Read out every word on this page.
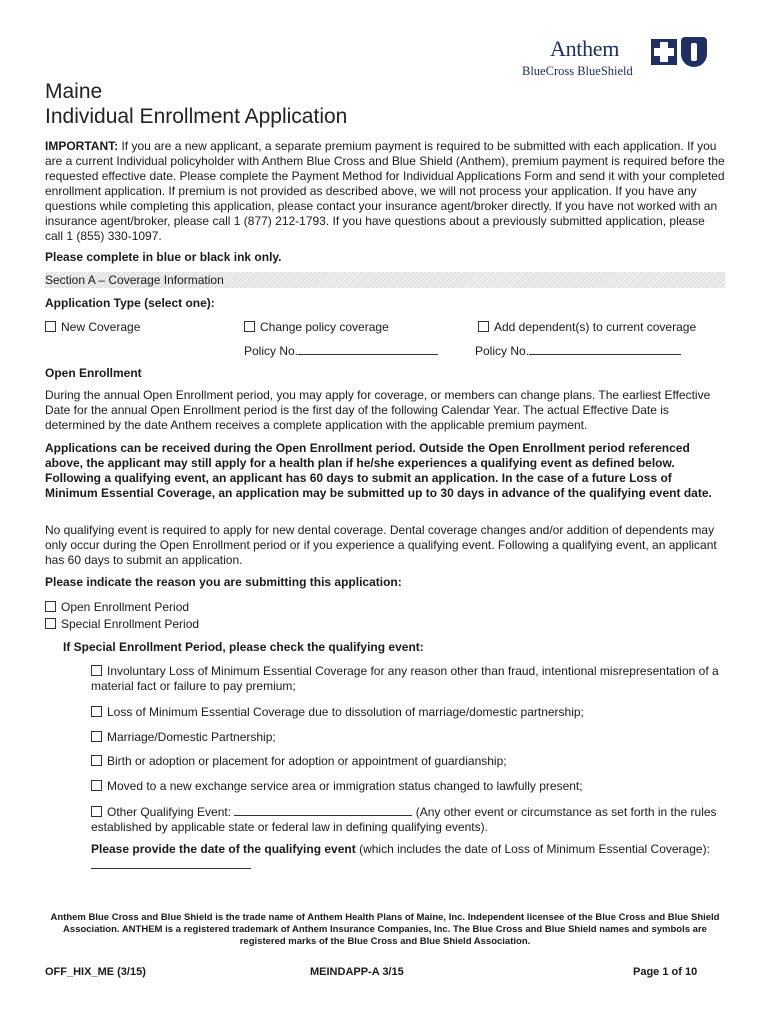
Anthem
BlueCross BlueShield
Maine
Individual Enrollment Application
IMPORTANT: If you are a new applicant, a separate premium payment is required to be submitted with each application. If you are a current Individual policyholder with Anthem Blue Cross and Blue Shield (Anthem), premium payment is required before the requested effective date. Please complete the Payment Method for Individual Applications Form and send it with your completed enrollment application. If premium is not provided as described above, we will not process your application. If you have any questions while completing this application, please contact your insurance agent/broker directly. If you have not worked with an insurance agent/broker, please call 1 (877) 212-1793. If you have questions about a previously submitted application, please call 1 (855) 330-1097.
Please complete in blue or black ink only.
Section A – Coverage Information
Application Type (select one):
New Coverage	Change policy coverage	Add dependent(s) to current coverage
Policy No.	Policy No.
Open Enrollment
During the annual Open Enrollment period, you may apply for coverage, or members can change plans. The earliest Effective Date for the annual Open Enrollment period is the first day of the following Calendar Year. The actual Effective Date is determined by the date Anthem receives a complete application with the applicable premium payment.
Applications can be received during the Open Enrollment period. Outside the Open Enrollment period referenced above, the applicant may still apply for a health plan if he/she experiences a qualifying event as defined below. Following a qualifying event, an applicant has 60 days to submit an application. In the case of a future Loss of Minimum Essential Coverage, an application may be submitted up to 30 days in advance of the qualifying event date.
No qualifying event is required to apply for new dental coverage. Dental coverage changes and/or addition of dependents may only occur during the Open Enrollment period or if you experience a qualifying event. Following a qualifying event, an applicant has 60 days to submit an application.
Please indicate the reason you are submitting this application:
Open Enrollment Period
Special Enrollment Period
If Special Enrollment Period, please check the qualifying event:
Involuntary Loss of Minimum Essential Coverage for any reason other than fraud, intentional misrepresentation of a material fact or failure to pay premium;
Loss of Minimum Essential Coverage due to dissolution of marriage/domestic partnership;
Marriage/Domestic Partnership;
Birth or adoption or placement for adoption or appointment of guardianship;
Moved to a new exchange service area or immigration status changed to lawfully present;
Other Qualifying Event:	(Any other event or circumstance as set forth in the rules established by applicable state or federal law in defining qualifying events).
Please provide the date of the qualifying event (which includes the date of Loss of Minimum Essential Coverage):
Anthem Blue Cross and Blue Shield is the trade name of Anthem Health Plans of Maine, Inc. Independent licensee of the Blue Cross and Blue Shield Association. ANTHEM is a registered trademark of Anthem Insurance Companies, Inc. The Blue Cross and Blue Shield names and symbols are registered marks of the Blue Cross and Blue Shield Association.
OFF_HIX_ME (3/15)	MEINDAPP-A 3/15	Page 1 of 10
